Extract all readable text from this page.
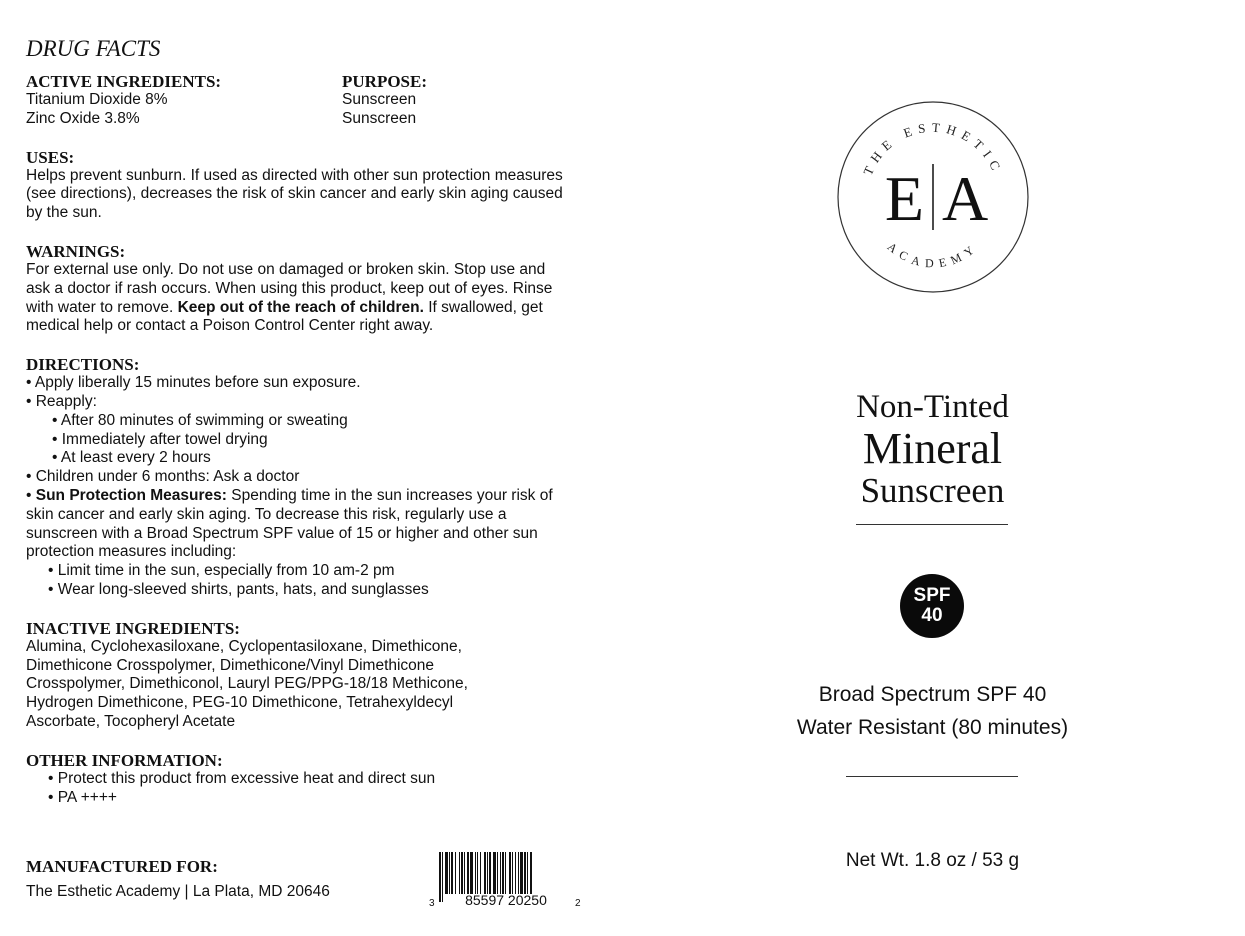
DRUG FACTS
ACTIVE INGREDIENTS:	PURPOSE:
Titanium Dioxide 8%	Sunscreen
Zinc Oxide 3.8%	Sunscreen
USES:
Helps prevent sunburn. If used as directed with other sun protection measures (see directions), decreases the risk of skin cancer and early skin aging caused by the sun.
WARNINGS:
For external use only. Do not use on damaged or broken skin. Stop use and ask a doctor if rash occurs. When using this product, keep out of eyes. Rinse with water to remove. Keep out of the reach of children. If swallowed, get medical help or contact a Poison Control Center right away.
DIRECTIONS:
• Apply liberally 15 minutes before sun exposure.
• Reapply:
• After 80 minutes of swimming or sweating
• Immediately after towel drying
• At least every 2 hours
• Children under 6 months: Ask a doctor
• Sun Protection Measures: Spending time in the sun increases your risk of skin cancer and early skin aging. To decrease this risk, regularly use a sunscreen with a Broad Spectrum SPF value of 15 or higher and other sun protection measures including:
• Limit time in the sun, especially from 10 am-2 pm
• Wear long-sleeved shirts, pants, hats, and sunglasses
INACTIVE INGREDIENTS:
Alumina, Cyclohexasiloxane, Cyclopentasiloxane, Dimethicone, Dimethicone Crosspolymer, Dimethicone/Vinyl Dimethicone Crosspolymer, Dimethiconol, Lauryl PEG/PPG-18/18 Methicone, Hydrogen Dimethicone, PEG-10 Dimethicone, Tetrahexyldecyl Ascorbate, Tocopheryl Acetate
OTHER INFORMATION:
• Protect this product from excessive heat and direct sun
• PA ++++
MANUFACTURED FOR:
The Esthetic Academy | La Plata, MD 20646
3 85597 20250	2
THE ESTHETIC
ACADEMY
E A
Non-Tinted
Mineral
Sunscreen
SPF
40
Broad Spectrum SPF 40
Water Resistant (80 minutes)
Net Wt. 1.8 oz / 53 g
